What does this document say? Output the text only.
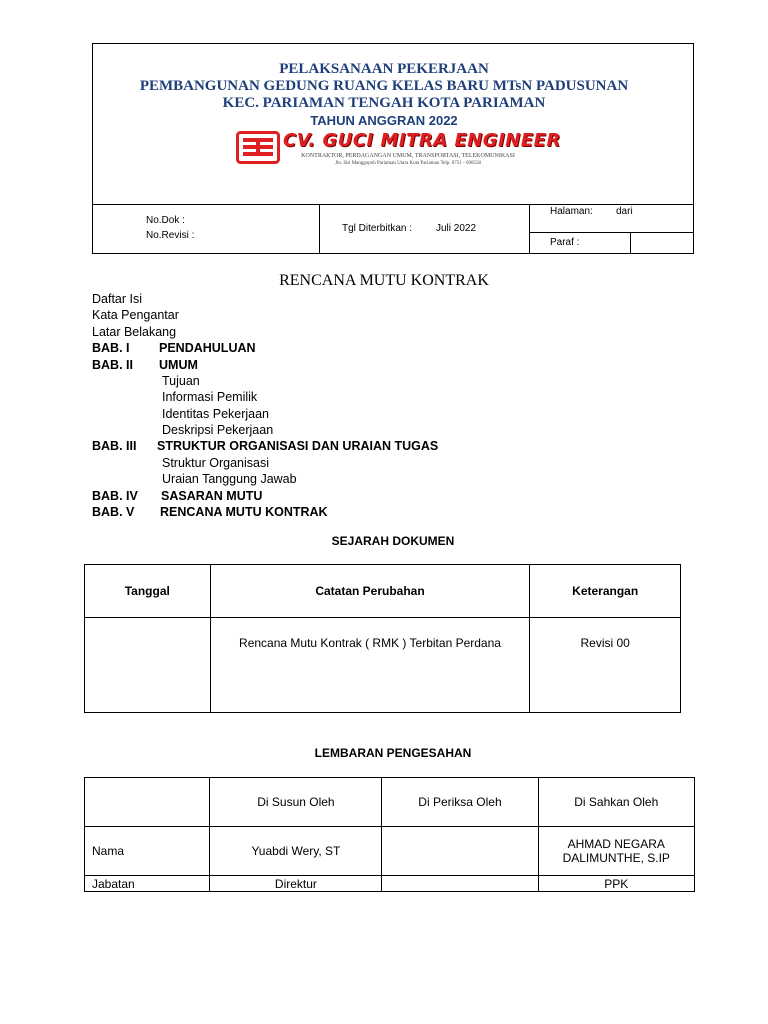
PELAKSANAAN PEKERJAAN
PEMBANGUNAN GEDUNG RUANG KELAS BARU MTsN PADUSUNAN
KEC. PARIAMAN TENGAH KOTA PARIAMAN
TAHUN ANGGRAN 2022
CV. GUCI MITRA ENGINEER
KONTRAKTOR, PERDAGANGAN UMUM, TRANSPORTASI, TELEKOMUNIKASI
Jln. Siti Manggopoh Pariaman Utara Kota Pariaman Telp. 0751 - 690558
No.Dok :
No.Revisi :
Tgl Diterbitkan : Juli 2022
Halaman: dari
Paraf :
RENCANA MUTU KONTRAK
Daftar Isi
Kata Pengantar
Latar Belakang
BAB. I PENDAHULUAN
BAB. II UMUM
Tujuan
Informasi Pemilik
Identitas Pekerjaan
Deskripsi Pekerjaan
BAB. III STRUKTUR ORGANISASI DAN URAIAN TUGAS
Struktur Organisasi
Uraian Tanggung Jawab
BAB. IV SASARAN MUTU
BAB. V RENCANA MUTU KONTRAK
SEJARAH DOKUMEN
Tanggal	Catatan Perubahan	Keterangan
	Rencana Mutu Kontrak ( RMK ) Terbitan Perdana	Revisi 00
LEMBARAN PENGESAHAN
	Di Susun Oleh	Di Periksa Oleh	Di Sahkan Oleh
Nama	Yuabdi Wery, ST		AHMAD NEGARA
DALIMUNTHE, S.IP

Jabatan	Direktur		PPK
